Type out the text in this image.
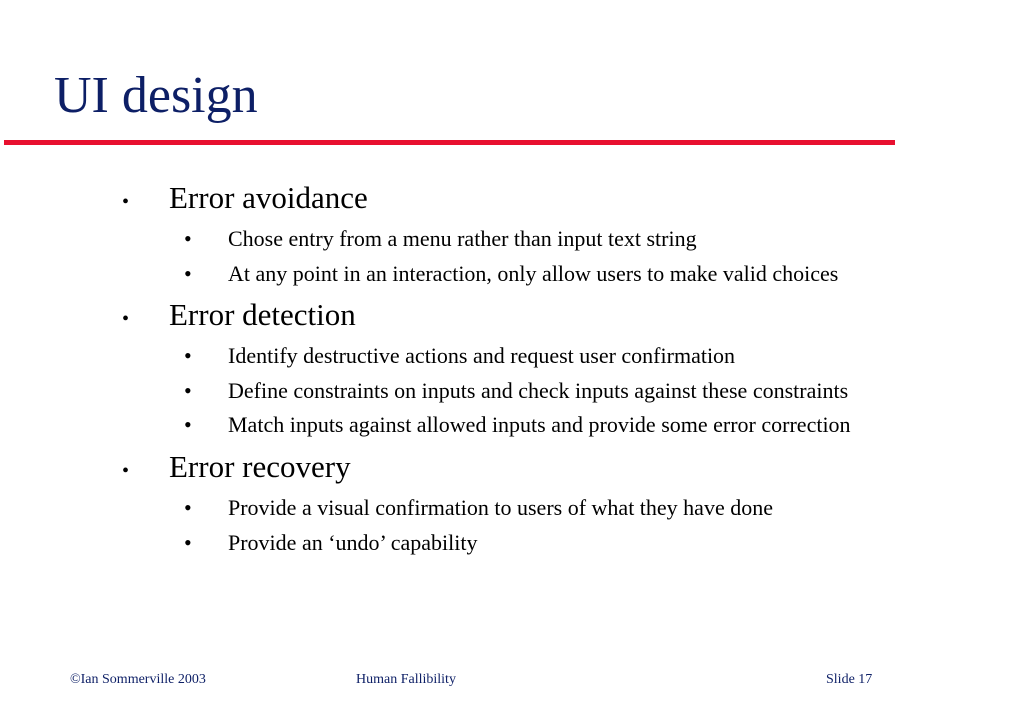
UI design
• Error avoidance
• Chose entry from a menu rather than input text string
• At any point in an interaction, only allow users to make valid choices
• Error detection
• Identify destructive actions and request user confirmation
• Define constraints on inputs and check inputs against these constraints
• Match inputs against allowed inputs and provide some error correction
• Error recovery
• Provide a visual confirmation to users of what they have done
• Provide an ‘undo’ capability
©Ian Sommerville 2003	Human Fallibility	Slide 17
